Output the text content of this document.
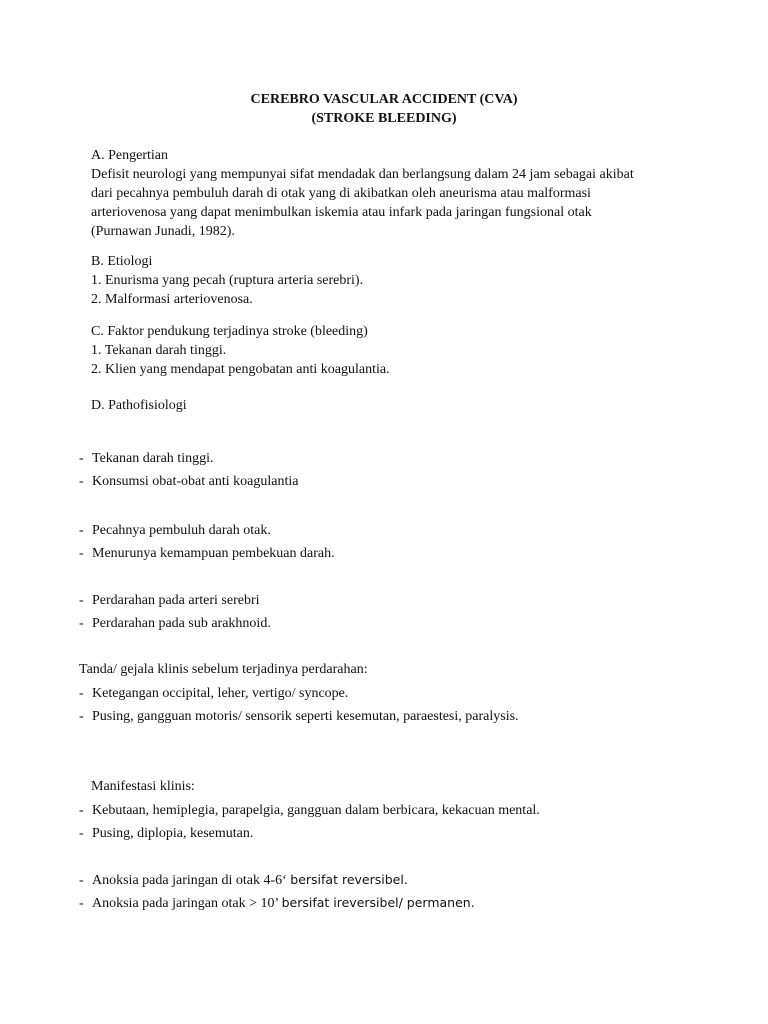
CEREBRO VASCULAR ACCIDENT (CVA)
(STROKE BLEEDING)
A. Pengertian
Defisit neurologi yang mempunyai sifat mendadak dan berlangsung dalam 24 jam sebagai akibat
dari pecahnya pembuluh darah di otak yang di akibatkan oleh aneurisma atau malformasi
arteriovenosa yang dapat menimbulkan iskemia atau infark pada jaringan fungsional otak
(Purnawan Junadi, 1982).
B. Etiologi
1. Enurisma yang pecah (ruptura arteria serebri).
2. Malformasi arteriovenosa.
C. Faktor pendukung terjadinya stroke (bleeding)
1. Tekanan darah tinggi.
2. Klien yang mendapat pengobatan anti koagulantia.
D. Pathofisiologi
- Tekanan darah tinggi.
- Konsumsi obat-obat anti koagulantia
- Pecahnya pembuluh darah otak.
- Menurunya kemampuan pembekuan darah.
- Perdarahan pada arteri serebri
- Perdarahan pada sub arakhnoid.
Tanda/ gejala klinis sebelum terjadinya perdarahan:
- Ketegangan occipital, leher, vertigo/ syncope.
- Pusing, gangguan motoris/ sensorik seperti kesemutan, paraestesi, paralysis.
Manifestasi klinis:
- Kebutaan, hemiplegia, parapelgia, gangguan dalam berbicara, kekacuan mental.
- Pusing, diplopia, kesemutan.
- Anoksia pada jaringan di otak 4-6‘ bersifat reversibel.
- Anoksia pada jaringan otak > 10’ bersifat ireversibel/ permanen.
